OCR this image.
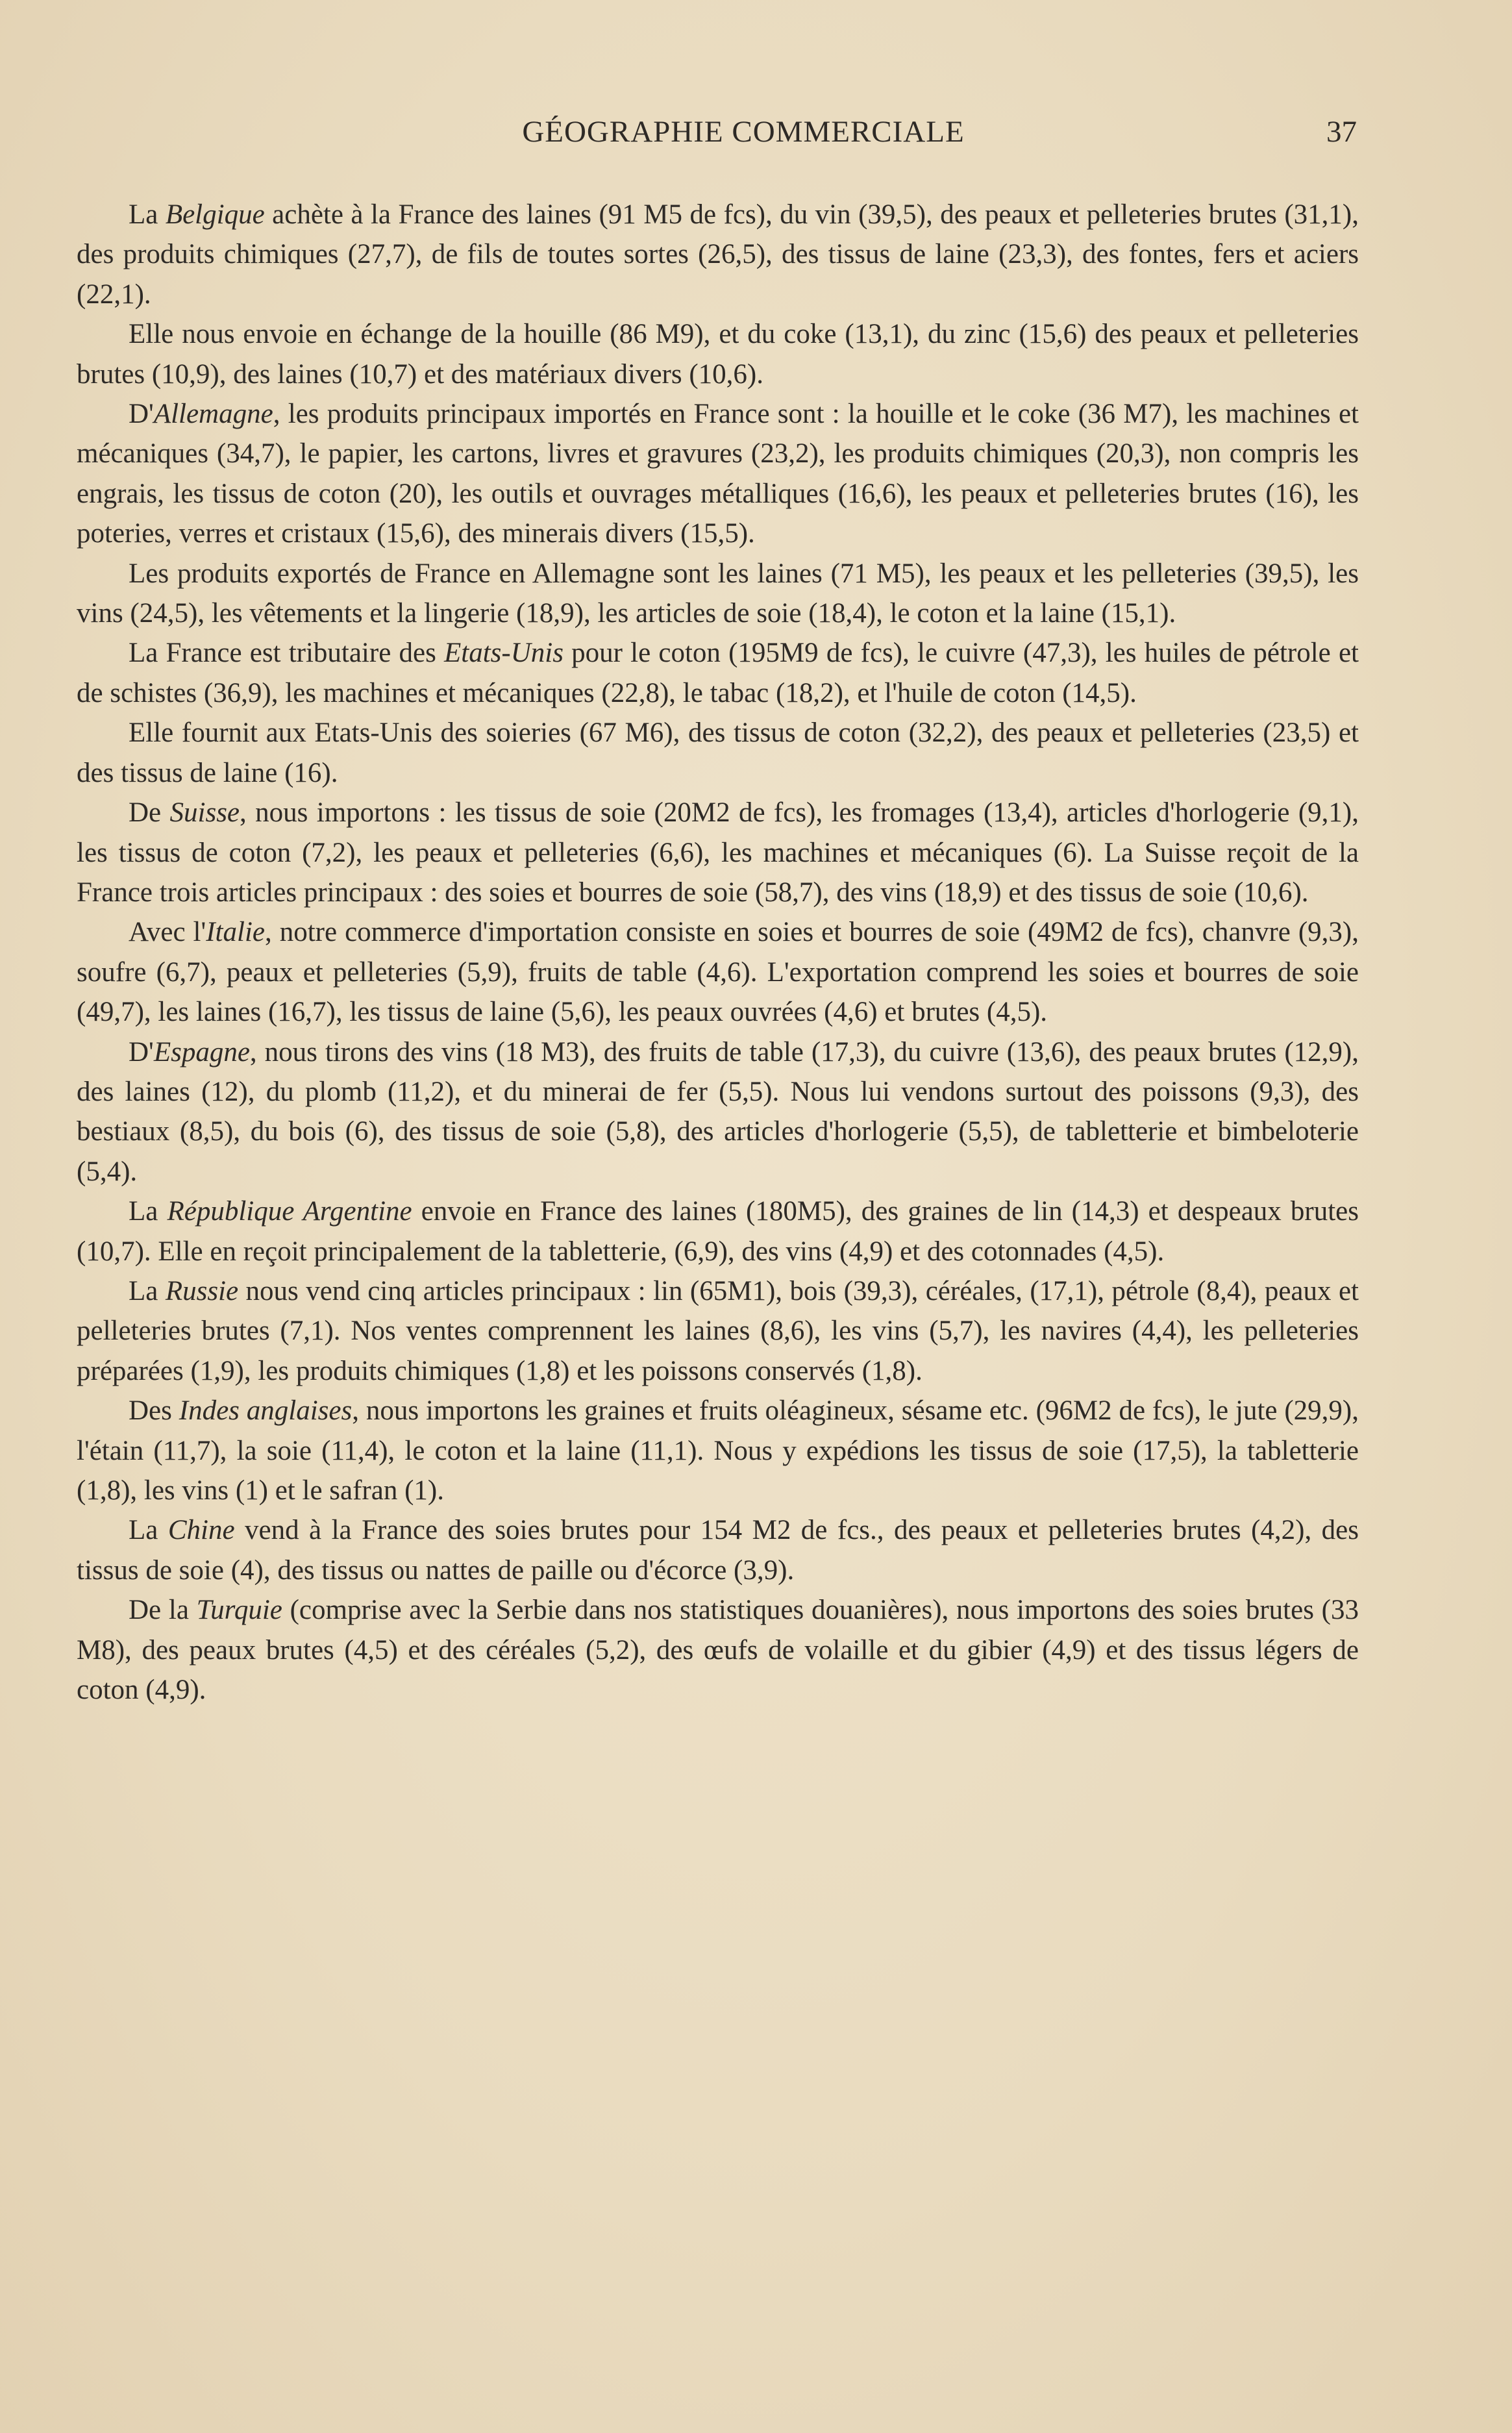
GÉOGRAPHIE COMMERCIALE	37

La Belgique achète à la France des laines (91 M5 de fcs), du vin (39,5), des peaux et pelleteries brutes (31,1), des produits chimiques (27,7), de fils de toutes sortes (26,5), des tissus de laine (23,3), des fontes, fers et aciers (22,1).

Elle nous envoie en échange de la houille (86 M9), et du coke (13,1), du zinc (15,6) des peaux et pelleteries brutes (10,9), des laines (10,7) et des matériaux divers (10,6).

D'Allemagne, les produits principaux importés en France sont : la houille et le coke (36 M7), les machines et mécaniques (34,7), le papier, les cartons, livres et gravures (23,2), les produits chimiques (20,3), non compris les engrais, les tissus de coton (20), les outils et ouvrages métalliques (16,6), les peaux et pelleteries brutes (16), les poteries, verres et cristaux (15,6), des minerais divers (15,5).

Les produits exportés de France en Allemagne sont les laines (71 M5), les peaux et les pelleteries (39,5), les vins (24,5), les vêtements et la lingerie (18,9), les articles de soie (18,4), le coton et la laine (15,1).

La France est tributaire des Etats-Unis pour le coton (195M9 de fcs), le cuivre (47,3), les huiles de pétrole et de schistes (36,9), les machines et mécaniques (22,8), le tabac (18,2), et l'huile de coton (14,5).

Elle fournit aux Etats-Unis des soieries (67 M6), des tissus de coton (32,2), des peaux et pelleteries (23,5) et des tissus de laine (16).

De Suisse, nous importons : les tissus de soie (20M2 de fcs), les fromages (13,4), articles d'horlogerie (9,1), les tissus de coton (7,2), les peaux et pelleteries (6,6), les machines et mécaniques (6). La Suisse reçoit de la France trois articles principaux : des soies et bourres de soie (58,7), des vins (18,9) et des tissus de soie (10,6).

Avec l'Italie, notre commerce d'importation consiste en soies et bourres de soie (49M2 de fcs), chanvre (9,3), soufre (6,7), peaux et pelleteries (5,9), fruits de table (4,6). L'exportation comprend les soies et bourres de soie (49,7), les laines (16,7), les tissus de laine (5,6), les peaux ouvrées (4,6) et brutes (4,5).

D'Espagne, nous tirons des vins (18 M3), des fruits de table (17,3), du cuivre (13,6), des peaux brutes (12,9), des laines (12), du plomb (11,2), et du minerai de fer (5,5). Nous lui vendons surtout des poissons (9,3), des bestiaux (8,5), du bois (6), des tissus de soie (5,8), des articles d'horlogerie (5,5), de tabletterie et bimbeloterie (5,4).

La République Argentine envoie en France des laines (180M5), des graines de lin (14,3) et despeaux brutes (10,7). Elle en reçoit principalement de la tabletterie, (6,9), des vins (4,9) et des cotonnades (4,5).

La Russie nous vend cinq articles principaux : lin (65M1), bois (39,3), céréales, (17,1), pétrole (8,4), peaux et pelleteries brutes (7,1). Nos ventes comprennent les laines (8,6), les vins (5,7), les navires (4,4), les pelleteries préparées (1,9), les produits chimiques (1,8) et les poissons conservés (1,8).

Des Indes anglaises, nous importons les graines et fruits oléagineux, sésame etc. (96M2 de fcs), le jute (29,9), l'étain (11,7), la soie (11,4), le coton et la laine (11,1). Nous y expédions les tissus de soie (17,5), la tabletterie (1,8), les vins (1) et le safran (1).

La Chine vend à la France des soies brutes pour 154 M2 de fcs., des peaux et pelleteries brutes (4,2), des tissus de soie (4), des tissus ou nattes de paille ou d'écorce (3,9).

De la Turquie (comprise avec la Serbie dans nos statistiques douanières), nous importons des soies brutes (33 M8), des peaux brutes (4,5) et des céréales (5,2), des œufs de volaille et du gibier (4,9) et des tissus légers de coton (4,9).
